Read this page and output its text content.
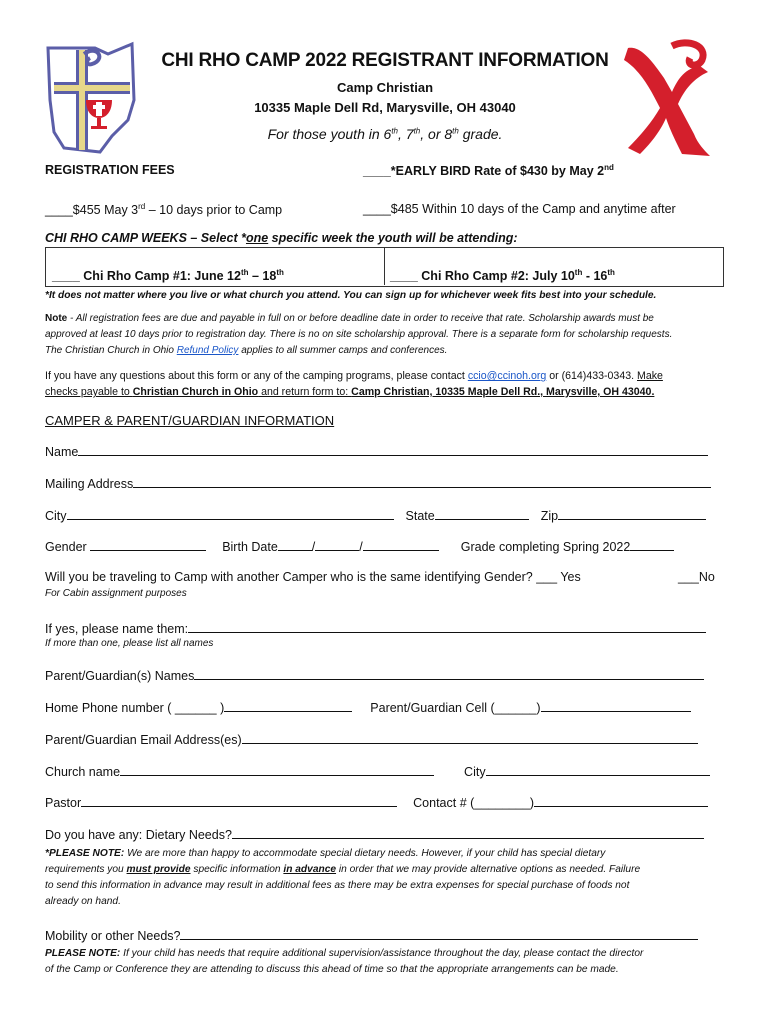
CHI RHO CAMP 2022 REGISTRANT INFORMATION
Camp Christian
10335 Maple Dell Rd, Marysville, OH 43040
For those youth in 6th, 7th, or 8th grade.
REGISTRATION FEES	____*EARLY BIRD Rate of $430 by May 2nd
____$455 May 3rd – 10 days prior to Camp	____$485 Within 10 days of the Camp and anytime after
CHI RHO CAMP WEEKS – Select *one specific week the youth will be attending:
____ Chi Rho Camp #1: June 12th – 18th	____ Chi Rho Camp #2: July 10th - 16th
*It does not matter where you live or what church you attend. You can sign up for whichever week fits best into your schedule.
Note - All registration fees are due and payable in full on or before deadline date in order to receive that rate. Scholarship awards must be
approved at least 10 days prior to registration day. There is no on site scholarship approval. There is a separate form for scholarship requests.
The Christian Church in Ohio Refund Policy applies to all summer camps and conferences.
If you have any questions about this form or any of the camping programs, please contact ccio@ccinoh.org or (614)433-0343. Make
checks payable to Christian Church in Ohio and return form to: Camp Christian, 10335 Maple Dell Rd., Marysville, OH 43040.
CAMPER & PARENT/GUARDIAN INFORMATION
Name
Mailing Address
City	State	Zip
Gender	Birth Date	/	/	Grade completing Spring 2022
Will you be traveling to Camp with another Camper who is the same identifying Gender? ___ Yes	___No
For Cabin assignment purposes
If yes, please name them:
If more than one, please list all names
Parent/Guardian(s) Names
Home Phone number ( ______ )	Parent/Guardian Cell (______)
Parent/Guardian Email Address(es)
Church name	City
Pastor	Contact # (________)
Do you have any: Dietary Needs?
*PLEASE NOTE: We are more than happy to accommodate special dietary needs. However, if your child has special dietary
requirements you must provide specific information in advance in order that we may provide alternative options as needed. Failure
to send this information in advance may result in additional fees as there may be extra expenses for special purchase of foods not
already on hand.
Mobility or other Needs?
PLEASE NOTE: If your child has needs that require additional supervision/assistance throughout the day, please contact the director
of the Camp or Conference they are attending to discuss this ahead of time so that the appropriate arrangements can be made.
